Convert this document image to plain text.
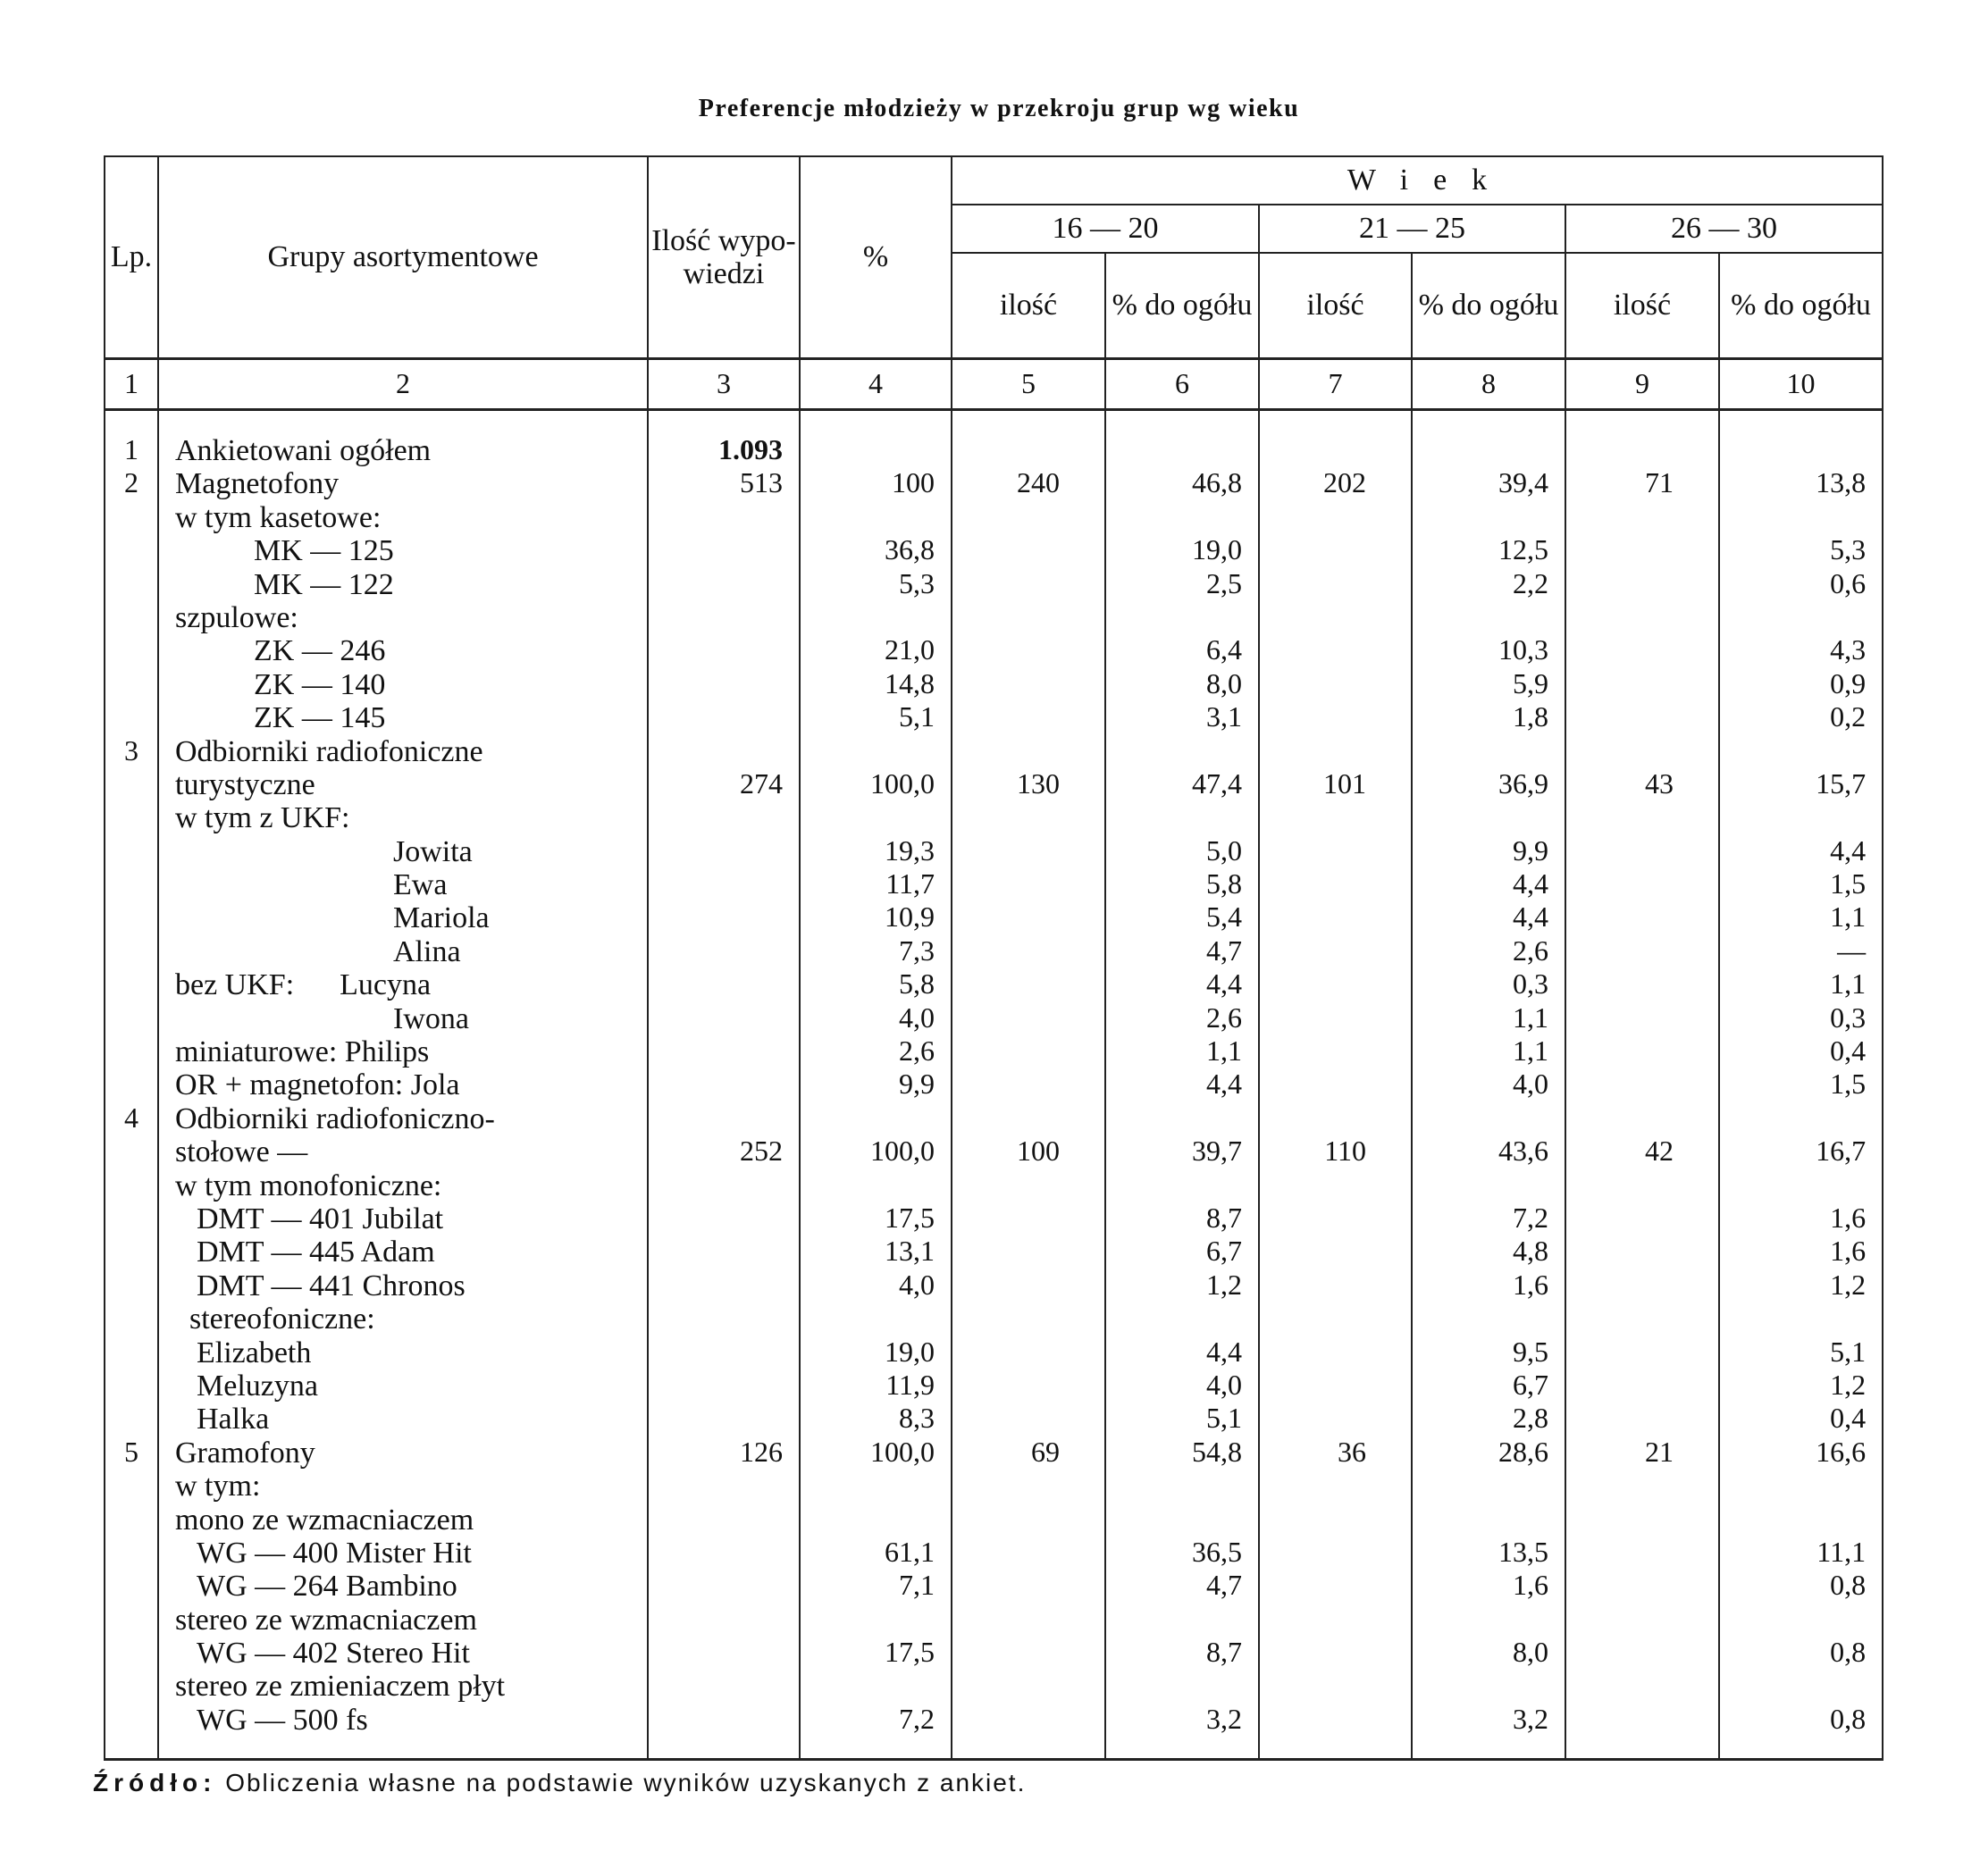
Preferencje młodzieży w przekroju grup wg wieku
Lp.	Grupy asortymentowe	Ilość wypo- wiedzi	%	Wiek					
				16 — 20		21 — 25		26 — 30	
				ilość	% do ogółu	ilość	% do ogółu	ilość	% do ogółu
1	2	3	4	5	6	7	8	9	10
1	Ankietowani ogółem	1.093							
2	Magnetofony	513	100	240	46,8	202	39,4	71	13,8
	w tym kasetowe:								
	MK — 125		36,8		19,0		12,5		5,3
	MK — 122		5,3		2,5		2,2		0,6
	szpulowe:								
	ZK — 246		21,0		6,4		10,3		4,3
	ZK — 140		14,8		8,0		5,9		0,9
	ZK — 145		5,1		3,1		1,8		0,2
3	Odbiorniki radiofoniczne								
	turystyczne	274	100,0	130	47,4	101	36,9	43	15,7
	w tym z UKF:								
	Jowita		19,3		5,0		9,9		4,4
	Ewa		11,7		5,8		4,4		1,5
	Mariola		10,9		5,4		4,4		1,1
	Alina		7,3		4,7		2,6		—
	bez UKF:      Lucyna		5,8		4,4		0,3		1,1
	Iwona		4,0		2,6		1,1		0,3
	miniaturowe: Philips		2,6		1,1		1,1		0,4
	OR + magnetofon: Jola		9,9		4,4		4,0		1,5
4	Odbiorniki radiofoniczno-								
	stołowe —	252	100,0	100	39,7	110	43,6	42	16,7
	w tym monofoniczne:								
	DMT — 401 Jubilat		17,5		8,7		7,2		1,6
	DMT — 445 Adam		13,1		6,7		4,8		1,6
	DMT — 441 Chronos		4,0		1,2		1,6		1,2
	stereofoniczne:								
	Elizabeth		19,0		4,4		9,5		5,1
	Meluzyna		11,9		4,0		6,7		1,2
	Halka		8,3		5,1		2,8		0,4
5	Gramofony	126	100,0	69	54,8	36	28,6	21	16,6
	w tym:								
	mono ze wzmacniaczem								
	WG — 400 Mister Hit		61,1		36,5		13,5		11,1
	WG — 264 Bambino		7,1		4,7		1,6		0,8
	stereo ze wzmacniaczem								
	WG — 402 Stereo Hit		17,5		8,7		8,0		0,8
	stereo ze zmieniaczem płyt								
	WG — 500 fs		7,2		3,2		3,2		0,8
Źródło: Obliczenia własne na podstawie wyników uzyskanych z ankiet.
